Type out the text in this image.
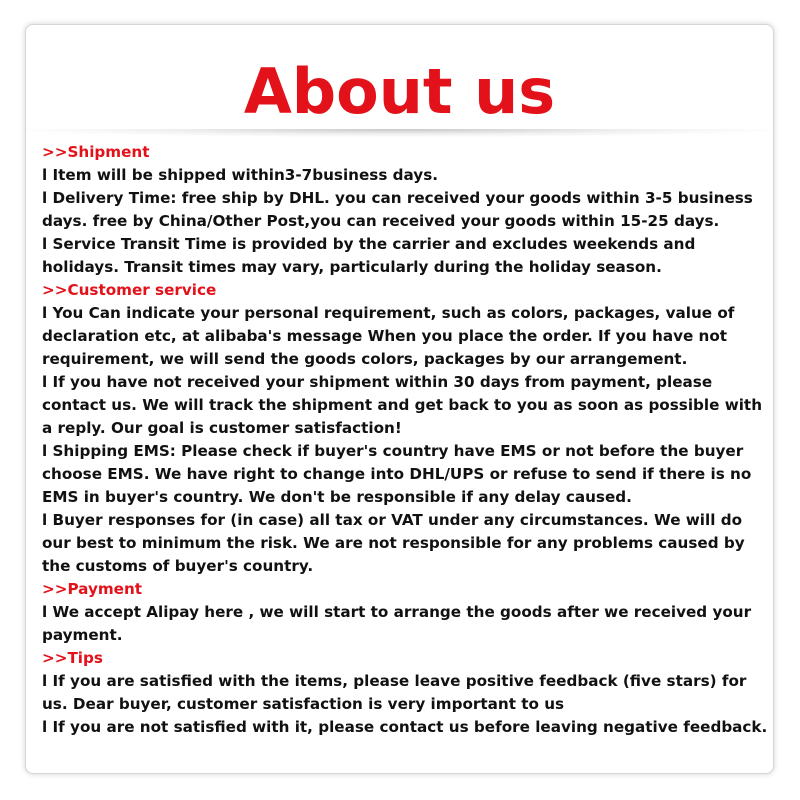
About us

>>Shipment

l Item will be shipped within3-7business days.

l Delivery Time: free ship by DHL. you can received your goods within 3-5 business days. free by China/Other Post,you can received your goods within 15-25 days.

l Service Transit Time is provided by the carrier and excludes weekends and holidays. Transit times may vary, particularly during the holiday season.

>>Customer service

l You Can indicate your personal requirement, such as colors, packages, value of declaration etc, at alibaba's message When you place the order. If you have not requirement, we will send the goods colors, packages by our arrangement.

l If you have not received your shipment within 30 days from payment, please contact us. We will track the shipment and get back to you as soon as possible with a reply. Our goal is customer satisfaction!

l Shipping EMS: Please check if buyer's country have EMS or not before the buyer choose EMS. We have right to change into DHL/UPS or refuse to send if there is no EMS in buyer's country. We don't be responsible if any delay caused.

l Buyer responses for (in case) all tax or VAT under any circumstances. We will do our best to minimum the risk. We are not responsible for any problems caused by the customs of buyer's country.

>>Payment

l We accept Alipay here , we will start to arrange the goods after we received your payment.

>>Tips

l If you are satisfied with the items, please leave positive feedback (five stars) for us. Dear buyer, customer satisfaction is very important to us

l If you are not satisfied with it, please contact us before leaving negative feedback.
